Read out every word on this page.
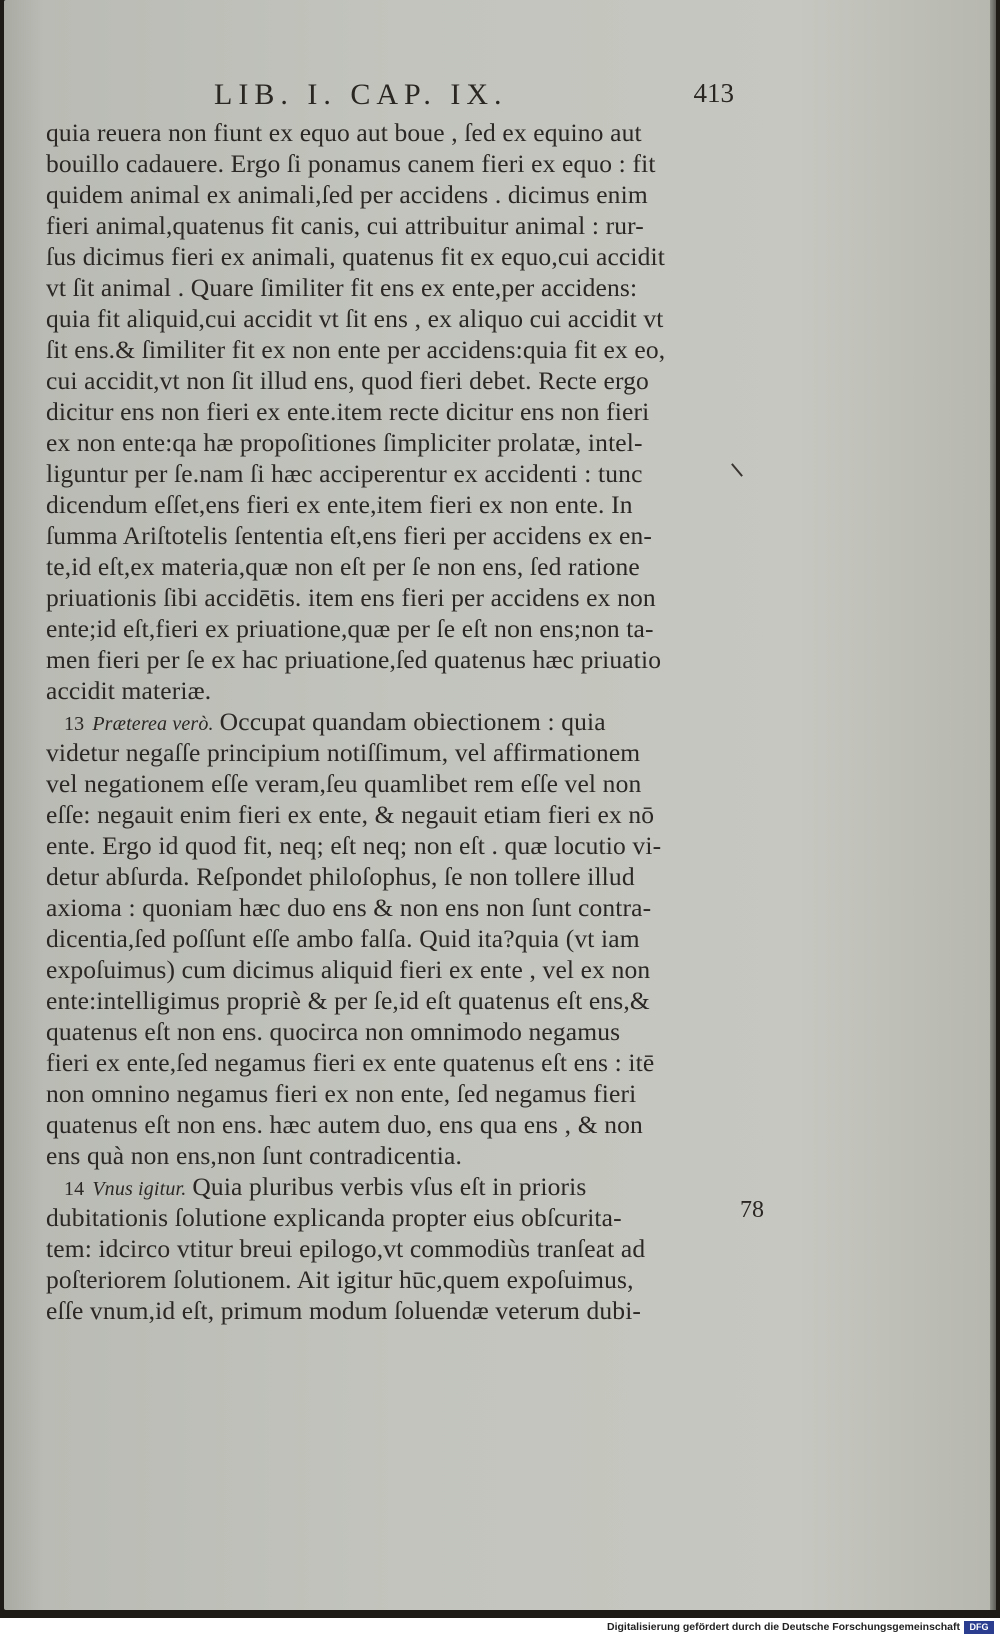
LIB. I. CAP. IX.	413
quia reuera non fiunt ex equo aut boue , ſed ex equino aut
bouillo cadauere. Ergo ſi ponamus canem fieri ex equo : fit
quidem animal ex animali,ſed per accidens . dicimus enim
fieri animal,quatenus fit canis, cui attribuitur animal : rur-
ſus dicimus fieri ex animali, quatenus fit ex equo,cui accidit
vt ſit animal . Quare ſimiliter fit ens ex ente,per accidens:
quia fit aliquid,cui accidit vt ſit ens , ex aliquo cui accidit vt
ſit ens.& ſimiliter fit ex non ente per accidens:quia fit ex eo,
cui accidit,vt non ſit illud ens, quod fieri debet. Recte ergo
dicitur ens non fieri ex ente.item recte dicitur ens non fieri
ex non ente:qa hæ propoſitiones ſimpliciter prolatæ, intel-
liguntur per ſe.nam ſi hæc acciperentur ex accidenti : tunc
dicendum eſſet,ens fieri ex ente,item fieri ex non ente. In
ſumma Ariſtotelis ſententia eſt,ens fieri per accidens ex en-
te,id eſt,ex materia,quæ non eſt per ſe non ens, ſed ratione
priuationis ſibi accidētis. item ens fieri per accidens ex non
ente;id eſt,fieri ex priuatione,quæ per ſe eſt non ens;non ta-
men fieri per ſe ex hac priuatione,ſed quatenus hæc priuatio
accidit materiæ.
13 Præterea verò. Occupat quandam obiectionem : quia
videtur negaſſe principium notiſſimum, vel affirmationem
vel negationem eſſe veram,ſeu quamlibet rem eſſe vel non
eſſe: negauit enim fieri ex ente, & negauit etiam fieri ex nō
ente. Ergo id quod fit, neq; eſt neq; non eſt . quæ locutio vi-
detur abſurda. Reſpondet philoſophus, ſe non tollere illud
axioma : quoniam hæc duo ens & non ens non ſunt contra-
dicentia,ſed poſſunt eſſe ambo falſa. Quid ita?quia (vt iam
expoſuimus) cum dicimus aliquid fieri ex ente , vel ex non
ente:intelligimus propriè & per ſe,id eſt quatenus eſt ens,&
quatenus eſt non ens. quocirca non omnimodo negamus
fieri ex ente,ſed negamus fieri ex ente quatenus eſt ens : itē
non omnino negamus fieri ex non ente, ſed negamus fieri
quatenus eſt non ens. hæc autem duo, ens qua ens , & non
ens quà non ens,non ſunt contradicentia.
14 Vnus igitur. Quia pluribus verbis vſus eſt in prioris
dubitationis ſolutione explicanda propter eius obſcurita-
tem: idcirco vtitur breui epilogo,vt commodiùs tranſeat ad
poſteriorem ſolutionem. Ait igitur hūc,quem expoſuimus,
eſſe vnum,id eſt, primum modum ſoluendæ veterum dubi-
78
Digitalisierung gefördert durch die Deutsche Forschungsgemeinschaft	DFG
